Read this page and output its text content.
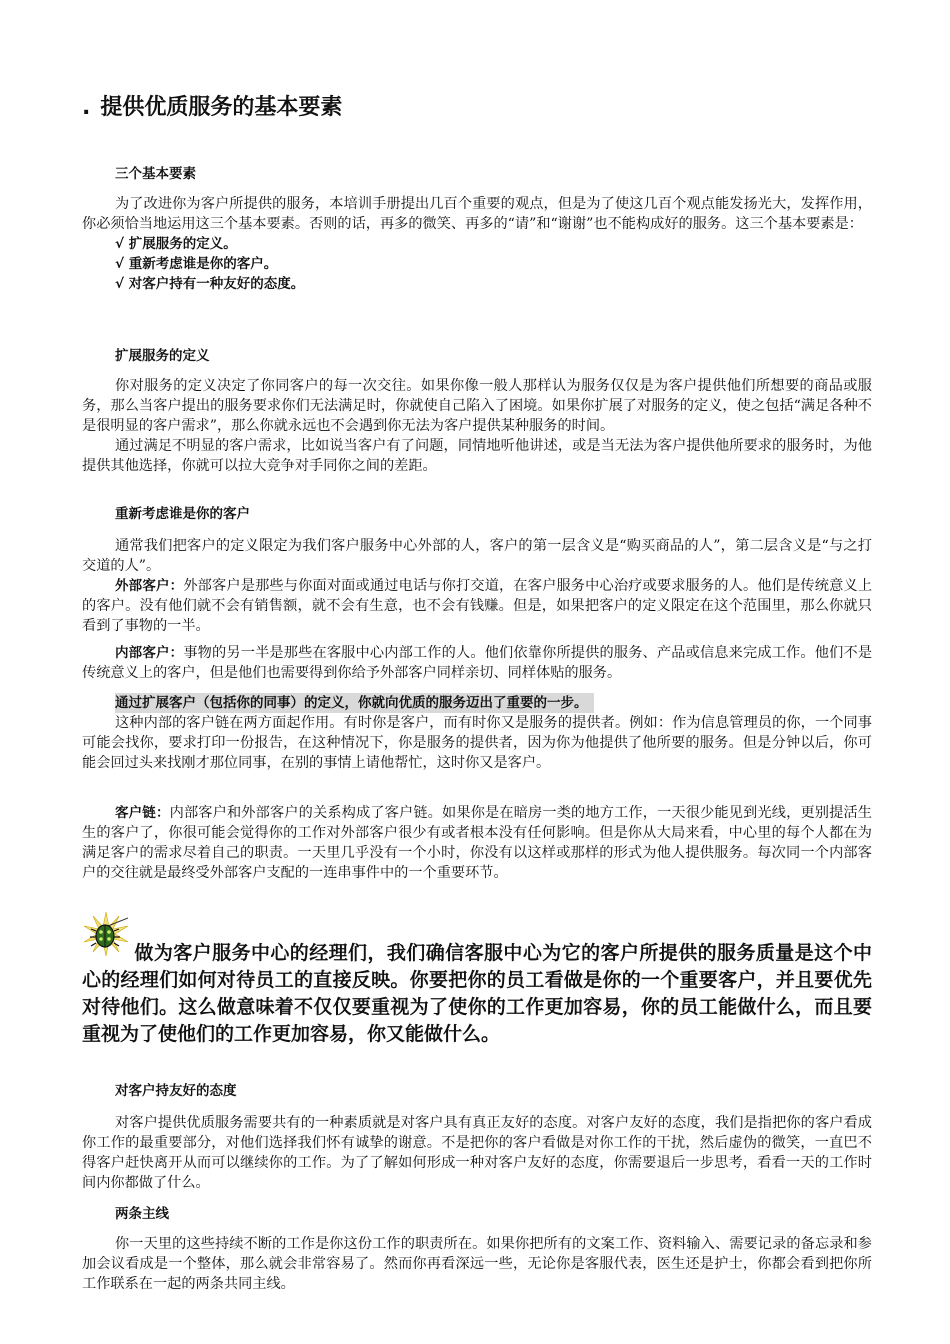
. 提供优质服务的基本要素
三个基本要素

为了改进你为客户所提供的服务，本培训手册提出几百个重要的观点，但是为了使这几百个观点能发扬光大，发挥作用，你必须恰当地运用这三个基本要素。否则的话，再多的微笑、再多的“请”和“谢谢”也不能构成好的服务。这三个基本要素是：

√ 扩展服务的定义。
√ 重新考虑谁是你的客户。
√ 对客户持有一种友好的态度。
扩展服务的定义

你对服务的定义决定了你同客户的每一次交往。如果你像一般人那样认为服务仅仅是为客户提供他们所想要的商品或服务，那么当客户提出的服务要求你们无法满足时，你就使自己陷入了困境。如果你扩展了对服务的定义，使之包括“满足各种不是很明显的客户需求”，那么你就永远也不会遇到你无法为客户提供某种服务的时间。

通过满足不明显的客户需求，比如说当客户有了问题，同情地听他讲述，或是当无法为客户提供他所要求的服务时，为他提供其他选择，你就可以拉大竞争对手同你之间的差距。

重新考虑谁是你的客户

通常我们把客户的定义限定为我们客户服务中心外部的人，客户的第一层含义是“购买商品的人”，第二层含义是“与之打交道的人”。

外部客户：外部客户是那些与你面对面或通过电话与你打交道，在客户服务中心治疗或要求服务的人。他们是传统意义上的客户。没有他们就不会有销售额，就不会有生意，也不会有钱赚。但是，如果把客户的定义限定在这个范围里，那么你就只看到了事物的一半。

内部客户：事物的另一半是那些在客服中心内部工作的人。他们依靠你所提供的服务、产品或信息来完成工作。他们不是传统意义上的客户，但是他们也需要得到你给予外部客户同样亲切、同样体贴的服务。

通过扩展客户（包括你的同事）的定义，你就向优质的服务迈出了重要的一步。

这种内部的客户链在两方面起作用。有时你是客户，而有时你又是服务的提供者。例如：作为信息管理员的你，一个同事可能会找你，要求打印一份报告，在这种情况下，你是服务的提供者，因为你为他提供了他所要的服务。但是分钟以后，你可能会回过头来找刚才那位同事，在别的事情上请他帮忙，这时你又是客户。

客户链：内部客户和外部客户的关系构成了客户链。如果你是在暗房一类的地方工作，一天很少能见到光线，更别提活生生的客户了，你很可能会觉得你的工作对外部客户很少有或者根本没有任何影响。但是你从大局来看，中心里的每个人都在为满足客户的需求尽着自己的职责。一天里几乎没有一个小时，你没有以这样或那样的形式为他人提供服务。每次同一个内部客户的交往就是最终受外部客户支配的一连串事件中的一个重要环节。

做为客户服务中心的经理们，我们确信客服中心为它的客户所提供的服务质量是这个中心的经理们如何对待员工的直接反映。你要把你的员工看做是你的一个重要客户，并且要优先对待他们。这么做意味着不仅仅要重视为了使你的工作更加容易，你的员工能做什么，而且要重视为了使他们的工作更加容易，你又能做什么。
对客户持友好的态度

对客户提供优质服务需要共有的一种素质就是对客户具有真正友好的态度。对客户友好的态度，我们是指把你的客户看成你工作的最重要部分，对他们选择我们怀有诚挚的谢意。不是把你的客户看做是对你工作的干扰，然后虚伪的微笑，一直巴不得客户赶快离开从而可以继续你的工作。为了了解如何形成一种对客户友好的态度，你需要退后一步思考，看看一天的工作时间内你都做了什么。

两条主线

你一天里的这些持续不断的工作是你这份工作的职责所在。如果你把所有的文案工作、资料输入、需要记录的备忘录和参加会议看成是一个整体，那么就会非常容易了。然而你再看深远一些，无论你是客服代表，医生还是护士，你都会看到把你所工作联系在一起的两条共同主线。
